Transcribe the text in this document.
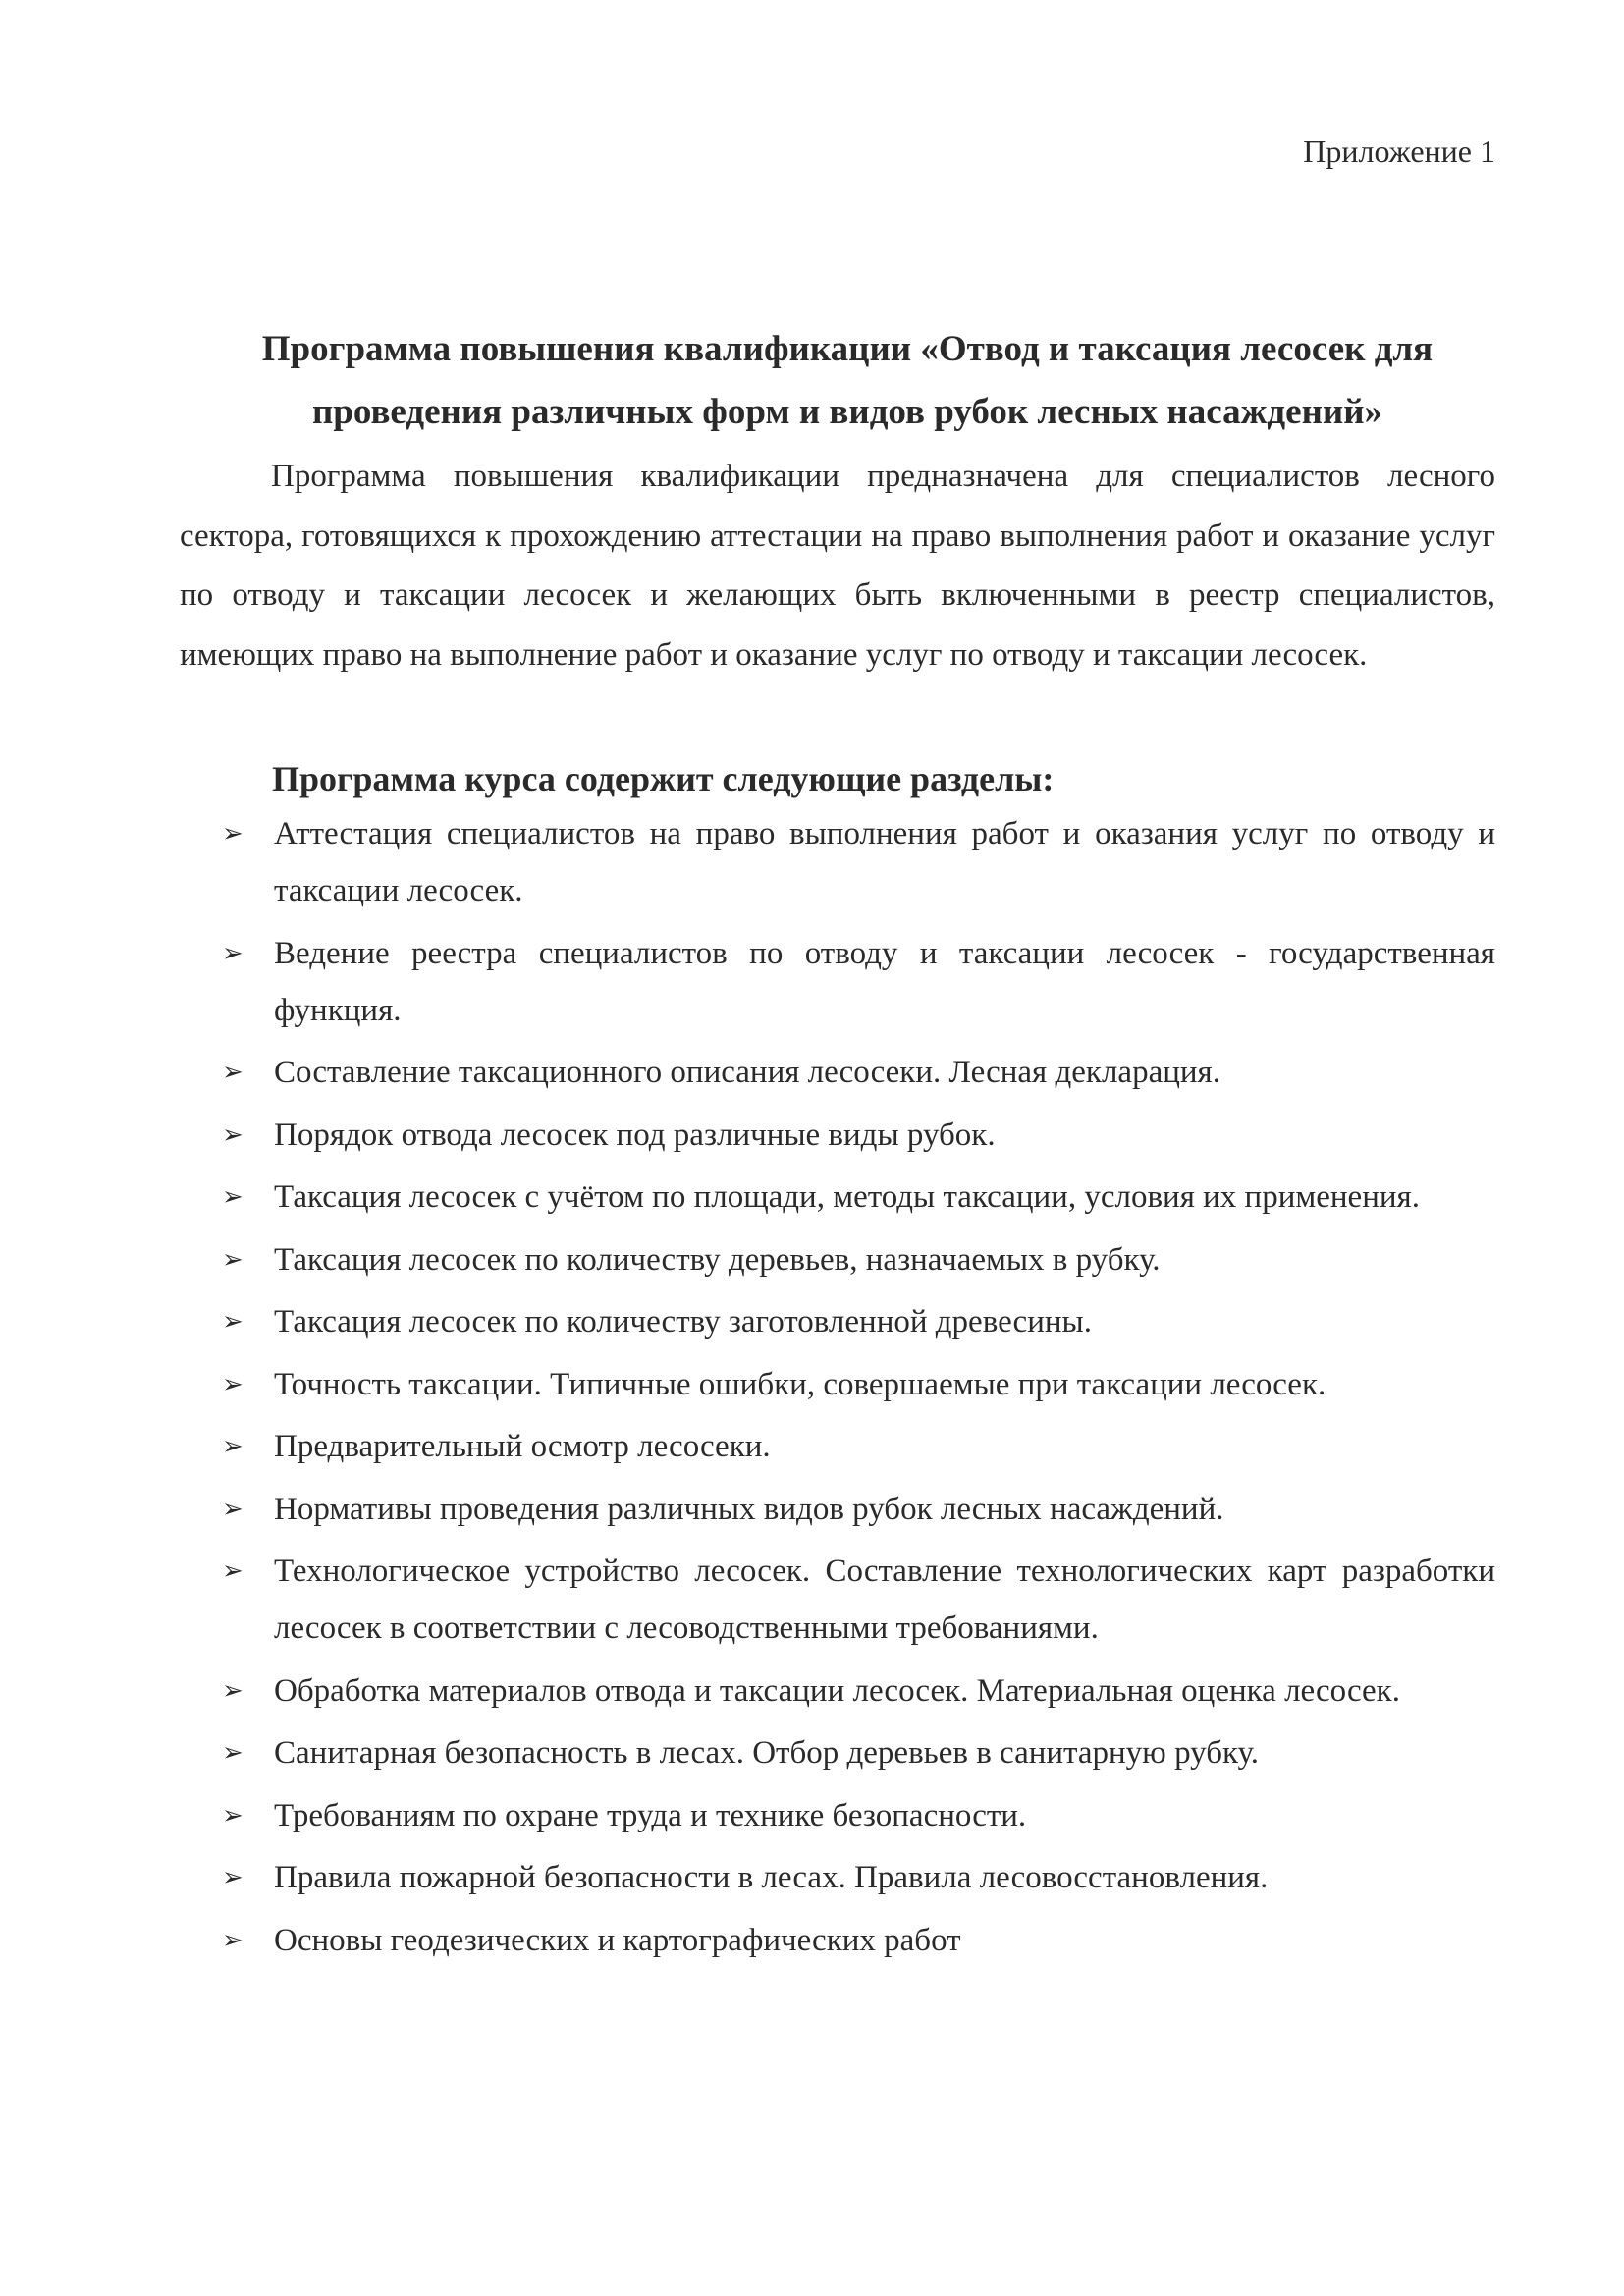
Приложение 1
Программа повышения квалификации «Отвод и таксация лесосек для проведения различных форм и видов рубок лесных насаждений»

Программа повышения квалификации предназначена для специалистов лесного сектора, готовящихся к прохождению аттестации на право выполнения работ и оказание услуг по отводу и таксации лесосек и желающих быть включенными в реестр специалистов, имеющих право на выполнение работ и оказание услуг по отводу и таксации лесосек.

Программа курса содержит следующие разделы:
➢ Аттестация специалистов на право выполнения работ и оказания услуг по отводу и таксации лесосек.
➢ Ведение реестра специалистов по отводу и таксации лесосек - государственная функция.
➢ Составление таксационного описания лесосеки. Лесная декларация.
➢ Порядок отвода лесосек под различные виды рубок.
➢ Таксация лесосек с учётом по площади, методы таксации, условия их применения.
➢ Таксация лесосек по количеству деревьев, назначаемых в рубку.
➢ Таксация лесосек по количеству заготовленной древесины.
➢ Точность таксации. Типичные ошибки, совершаемые при таксации лесосек.
➢ Предварительный осмотр лесосеки.
➢ Нормативы проведения различных видов рубок лесных насаждений.
➢ Технологическое устройство лесосек. Составление технологических карт разработки лесосек в соответствии с лесоводственными требованиями.
➢ Обработка материалов отвода и таксации лесосек. Материальная оценка лесосек.
➢ Санитарная безопасность в лесах. Отбор деревьев в санитарную рубку.
➢ Требованиям по охране труда и технике безопасности.
➢ Правила пожарной безопасности в лесах. Правила лесовосстановления.
➢ Основы геодезических и картографических работ
